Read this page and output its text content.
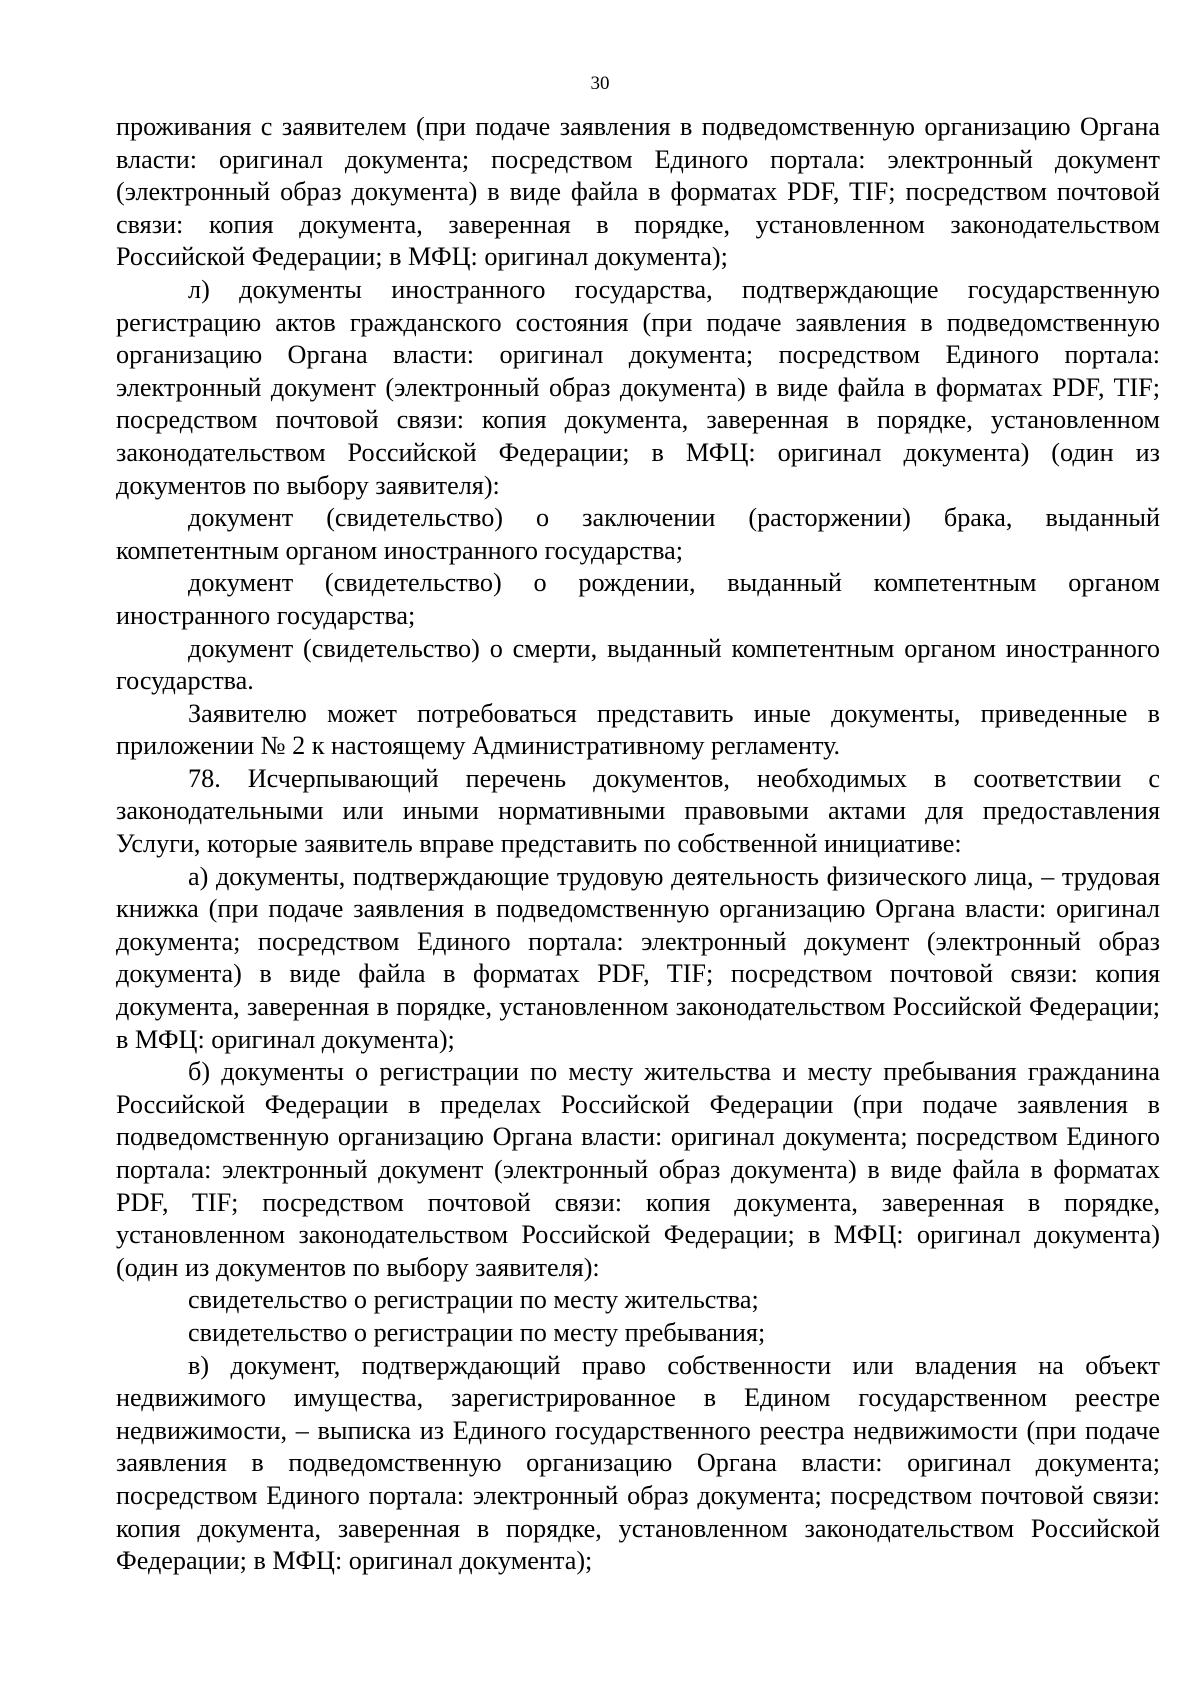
30

проживания с заявителем (при подаче заявления в подведомственную организацию Органа власти: оригинал документа; посредством Единого портала: электронный документ (электронный образ документа) в виде файла в форматах PDF, TIF; посредством почтовой связи: копия документа, заверенная в порядке, установленном законодательством Российской Федерации; в МФЦ: оригинал документа);

л) документы иностранного государства, подтверждающие государственную регистрацию актов гражданского состояния (при подаче заявления в подведомственную организацию Органа власти: оригинал документа; посредством Единого портала: электронный документ (электронный образ документа) в виде файла в форматах PDF, TIF; посредством почтовой связи: копия документа, заверенная в порядке, установленном законодательством Российской Федерации; в МФЦ: оригинал документа) (один из документов по выбору заявителя):

документ (свидетельство) о заключении (расторжении) брака, выданный компетентным органом иностранного государства;

документ (свидетельство) о рождении, выданный компетентным органом иностранного государства;

документ (свидетельство) о смерти, выданный компетентным органом иностранного государства.

Заявителю может потребоваться представить иные документы, приведенные в приложении № 2 к настоящему Административному регламенту.

78. Исчерпывающий перечень документов, необходимых в соответствии с законодательными или иными нормативными правовыми актами для предоставления Услуги, которые заявитель вправе представить по собственной инициативе:

а) документы, подтверждающие трудовую деятельность физического лица, – трудовая книжка (при подаче заявления в подведомственную организацию Органа власти: оригинал документа; посредством Единого портала: электронный документ (электронный образ документа) в виде файла в форматах PDF, TIF; посредством почтовой связи: копия документа, заверенная в порядке, установленном законодательством Российской Федерации; в МФЦ: оригинал документа);

б) документы о регистрации по месту жительства и месту пребывания гражданина Российской Федерации в пределах Российской Федерации (при подаче заявления в подведомственную организацию Органа власти: оригинал документа; посредством Единого портала: электронный документ (электронный образ документа) в виде файла в форматах PDF, TIF; посредством почтовой связи: копия документа, заверенная в порядке, установленном законодательством Российской Федерации; в МФЦ: оригинал документа) (один из документов по выбору заявителя):

свидетельство о регистрации по месту жительства;

свидетельство о регистрации по месту пребывания;

в) документ, подтверждающий право собственности или владения на объект недвижимого имущества, зарегистрированное в Едином государственном реестре недвижимости, – выписка из Единого государственного реестра недвижимости (при подаче заявления в подведомственную организацию Органа власти: оригинал документа; посредством Единого портала: электронный образ документа; посредством почтовой связи: копия документа, заверенная в порядке, установленном законодательством Российской Федерации; в МФЦ: оригинал документа);
